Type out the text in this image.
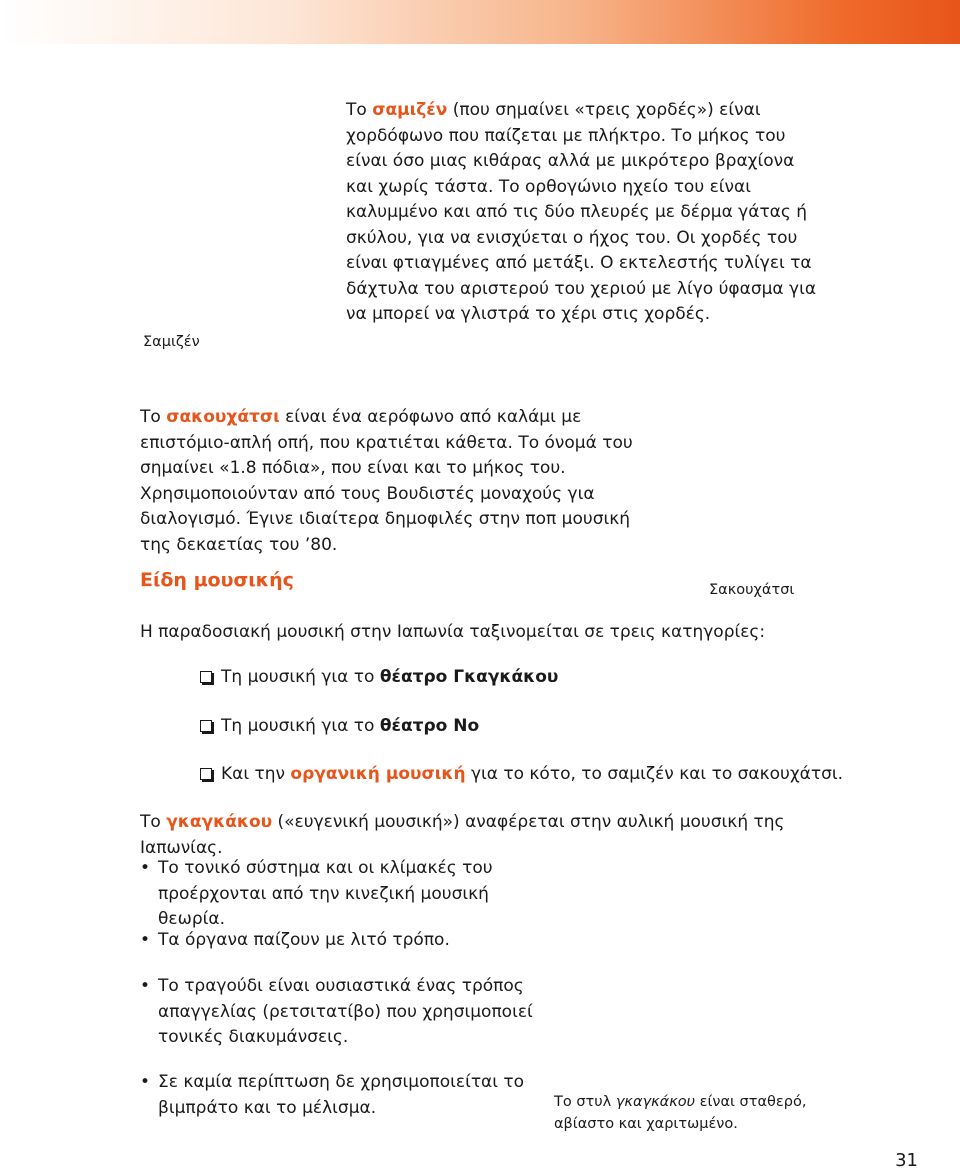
Το σαμιζέν (που σημαίνει «τρεις χορδές») είναι χορδόφωνο που παίζεται με πλήκτρο. Το μήκος του είναι όσο μιας κιθάρας αλλά με μικρότερο βραχίονα και χωρίς τάστα. Το ορθογώνιο ηχείο του είναι καλυμμένο και από τις δύο πλευρές με δέρμα γάτας ή σκύλου, για να ενισχύεται ο ήχος του. Οι χορδές του είναι φτιαγμένες από μετάξι. Ο εκτελεστής τυλίγει τα δάχτυλα του αριστερού του χεριού με λίγο ύφασμα για να μπορεί να γλιστρά το χέρι στις χορδές.

Σαμιζέν

Το σακουχάτσι είναι ένα αερόφωνο από καλάμι με επιστόμιο-απλή οπή, που κρατιέται κάθετα. Το όνομά του σημαίνει «1.8 πόδια», που είναι και το μήκος του. Χρησιμοποιούνταν από τους Βουδιστές μοναχούς για διαλογισμό. Έγινε ιδιαίτερα δημοφιλές στην ποπ μουσική της δεκαετίας του ’80.

Σακουχάτσι
Είδη μουσικής

Η παραδοσιακή μουσική στην Ιαπωνία ταξινομείται σε τρεις κατηγορίες:

Τη μουσική για το θέατρο Γκαγκάκου
Τη μουσική για το θέατρο Νο
Και την οργανική μουσική για το κότο, το σαμιζέν και το σακουχάτσι.

Το γκαγκάκου («ευγενική μουσική») αναφέρεται στην αυλική μουσική της Ιαπωνίας.

• Το τονικό σύστημα και οι κλίμακές του προέρχονται από την κινεζική μουσική θεωρία.
• Τα όργανα παίζουν με λιτό τρόπο.
• Το τραγούδι είναι ουσιαστικά ένας τρόπος απαγγελίας (ρετσιτατίβο) που χρησιμοποιεί τονικές διακυμάνσεις.
• Σε καμία περίπτωση δε χρησιμοποιείται το βιμπράτο και το μέλισμα.	Το στυλ γκαγκάκου είναι σταθερό, αβίαστο και χαριτωμένο.
31
